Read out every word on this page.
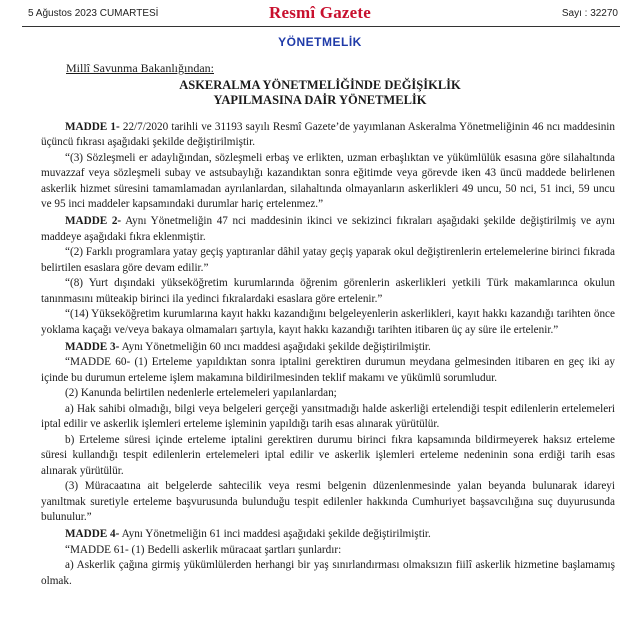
5 Ağustos 2023 CUMARTESİ	Resmî Gazete	Sayı : 32270
YÖNETMELİK
Millî Savunma Bakanlığından:
ASKERALMA YÖNETMELİĞİNDE DEĞİŞİKLİK
YAPILMASINA DAİR YÖNETMELİK

MADDE 1- 22/7/2020 tarihli ve 31193 sayılı Resmî Gazete’de yayımlanan Askeralma Yönetmeliğinin 46 ncı maddesinin üçüncü fıkrası aşağıdaki şekilde değiştirilmiştir.

“(3) Sözleşmeli er adaylığından, sözleşmeli erbaş ve erlikten, uzman erbaşlıktan ve yükümlülük esasına göre silahaltında muvazzaf veya sözleşmeli subay ve astsubaylığı kazandıktan sonra eğitimde veya görevde iken 43 üncü maddede belirlenen askerlik hizmet süresini tamamlamadan ayrılanlardan, silahaltında olmayanların askerlikleri 49 uncu, 50 nci, 51 inci, 59 uncu ve 95 inci maddeler kapsamındaki durumlar hariç ertelenmez.”

MADDE 2- Aynı Yönetmeliğin 47 nci maddesinin ikinci ve sekizinci fıkraları aşağıdaki şekilde değiştirilmiş ve aynı maddeye aşağıdaki fıkra eklenmiştir.

“(2) Farklı programlara yatay geçiş yaptıranlar dâhil yatay geçiş yaparak okul değiştirenlerin ertelemelerine birinci fıkrada belirtilen esaslara göre devam edilir.”

“(8) Yurt dışındaki yükseköğretim kurumlarında öğrenim görenlerin askerlikleri yetkili Türk makamlarınca okulun tanınmasını müteakip birinci ila yedinci fıkralardaki esaslara göre ertelenir.”

“(14) Yükseköğretim kurumlarına kayıt hakkı kazandığını belgeleyenlerin askerlikleri, kayıt hakkı kazandığı tarihten önce yoklama kaçağı ve/veya bakaya olmamaları şartıyla, kayıt hakkı kazandığı tarihten itibaren üç ay süre ile ertelenir.”

MADDE 3- Aynı Yönetmeliğin 60 ıncı maddesi aşağıdaki şekilde değiştirilmiştir.

“MADDE 60- (1) Erteleme yapıldıktan sonra iptalini gerektiren durumun meydana gelmesinden itibaren en geç iki ay içinde bu durumun erteleme işlem makamına bildirilmesinden teklif makamı ve yükümlü sorumludur.

(2) Kanunda belirtilen nedenlerle ertelemeleri yapılanlardan;

a) Hak sahibi olmadığı, bilgi veya belgeleri gerçeği yansıtmadığı halde askerliği ertelendiği tespit edilenlerin ertelemeleri iptal edilir ve askerlik işlemleri erteleme işleminin yapıldığı tarih esas alınarak yürütülür.

b) Erteleme süresi içinde erteleme iptalini gerektiren durumu birinci fıkra kapsamında bildirmeyerek haksız erteleme süresi kullandığı tespit edilenlerin ertelemeleri iptal edilir ve askerlik işlemleri erteleme nedeninin sona erdiği tarih esas alınarak yürütülür.

(3) Müracaatına ait belgelerde sahtecilik veya resmi belgenin düzenlenmesinde yalan beyanda bulunarak idareyi yanıltmak suretiyle erteleme başvurusunda bulunduğu tespit edilenler hakkında Cumhuriyet başsavcılığına suç duyurusunda bulunulur.”

MADDE 4- Aynı Yönetmeliğin 61 inci maddesi aşağıdaki şekilde değiştirilmiştir.

“MADDE 61- (1) Bedelli askerlik müracaat şartları şunlardır:

a) Askerlik çağına girmiş yükümlülerden herhangi bir yaş sınırlandırması olmaksızın fiilî askerlik hizmetine başlamamış olmak.
